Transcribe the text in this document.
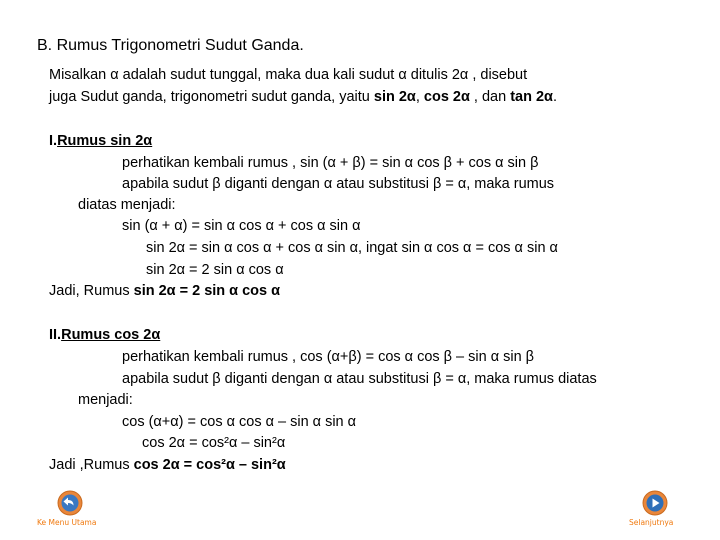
B. Rumus Trigonometri Sudut Ganda.
Misalkan α adalah sudut tunggal, maka dua kali sudut α ditulis 2α , disebut
juga Sudut ganda, trigonometri sudut ganda, yaitu sin 2α, cos 2α , dan tan 2α.
I.Rumus sin 2α
perhatikan kembali rumus , sin (α + β) = sin α cos β + cos α sin β
apabila sudut β diganti dengan α atau substitusi β = α, maka rumus
diatas menjadi:
sin (α + α) = sin α cos α + cos α sin α
sin 2α = sin α cos α + cos α sin α, ingat sin α cos α = cos α sin α
sin 2α = 2 sin α cos α
Jadi, Rumus sin 2α = 2 sin α cos α
II.Rumus cos 2α
perhatikan kembali rumus , cos (α+β) = cos α cos β – sin α sin β
apabila sudut β diganti dengan α atau substitusi β = α, maka rumus diatas
menjadi:
cos (α+α) = cos α cos α – sin α sin α
cos 2α = cos²α – sin²α
Jadi ,Rumus cos 2α = cos²α – sin²α
Ke Menu Utama	Selanjutnya
